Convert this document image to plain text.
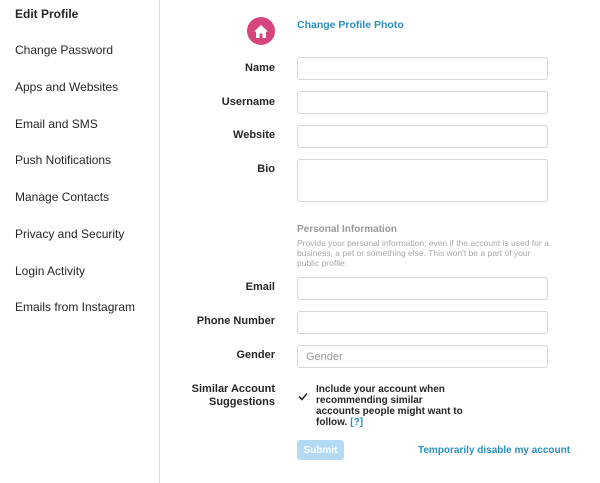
Edit Profile
Change Password
Apps and Websites
Email and SMS
Push Notifications
Manage Contacts
Privacy and Security
Login Activity
Emails from Instagram
Change Profile Photo
Name
Username
Website
Bio
Personal Information
Provide your personal information, even if the account is used for a business, a pet or something else. This won't be a part of your public profile.
Email
Phone Number
Gender	Gender
Similar Account Suggestions
Include your account when recommending similar accounts people might want to follow. [?]
Submit	Temporarily disable my account
